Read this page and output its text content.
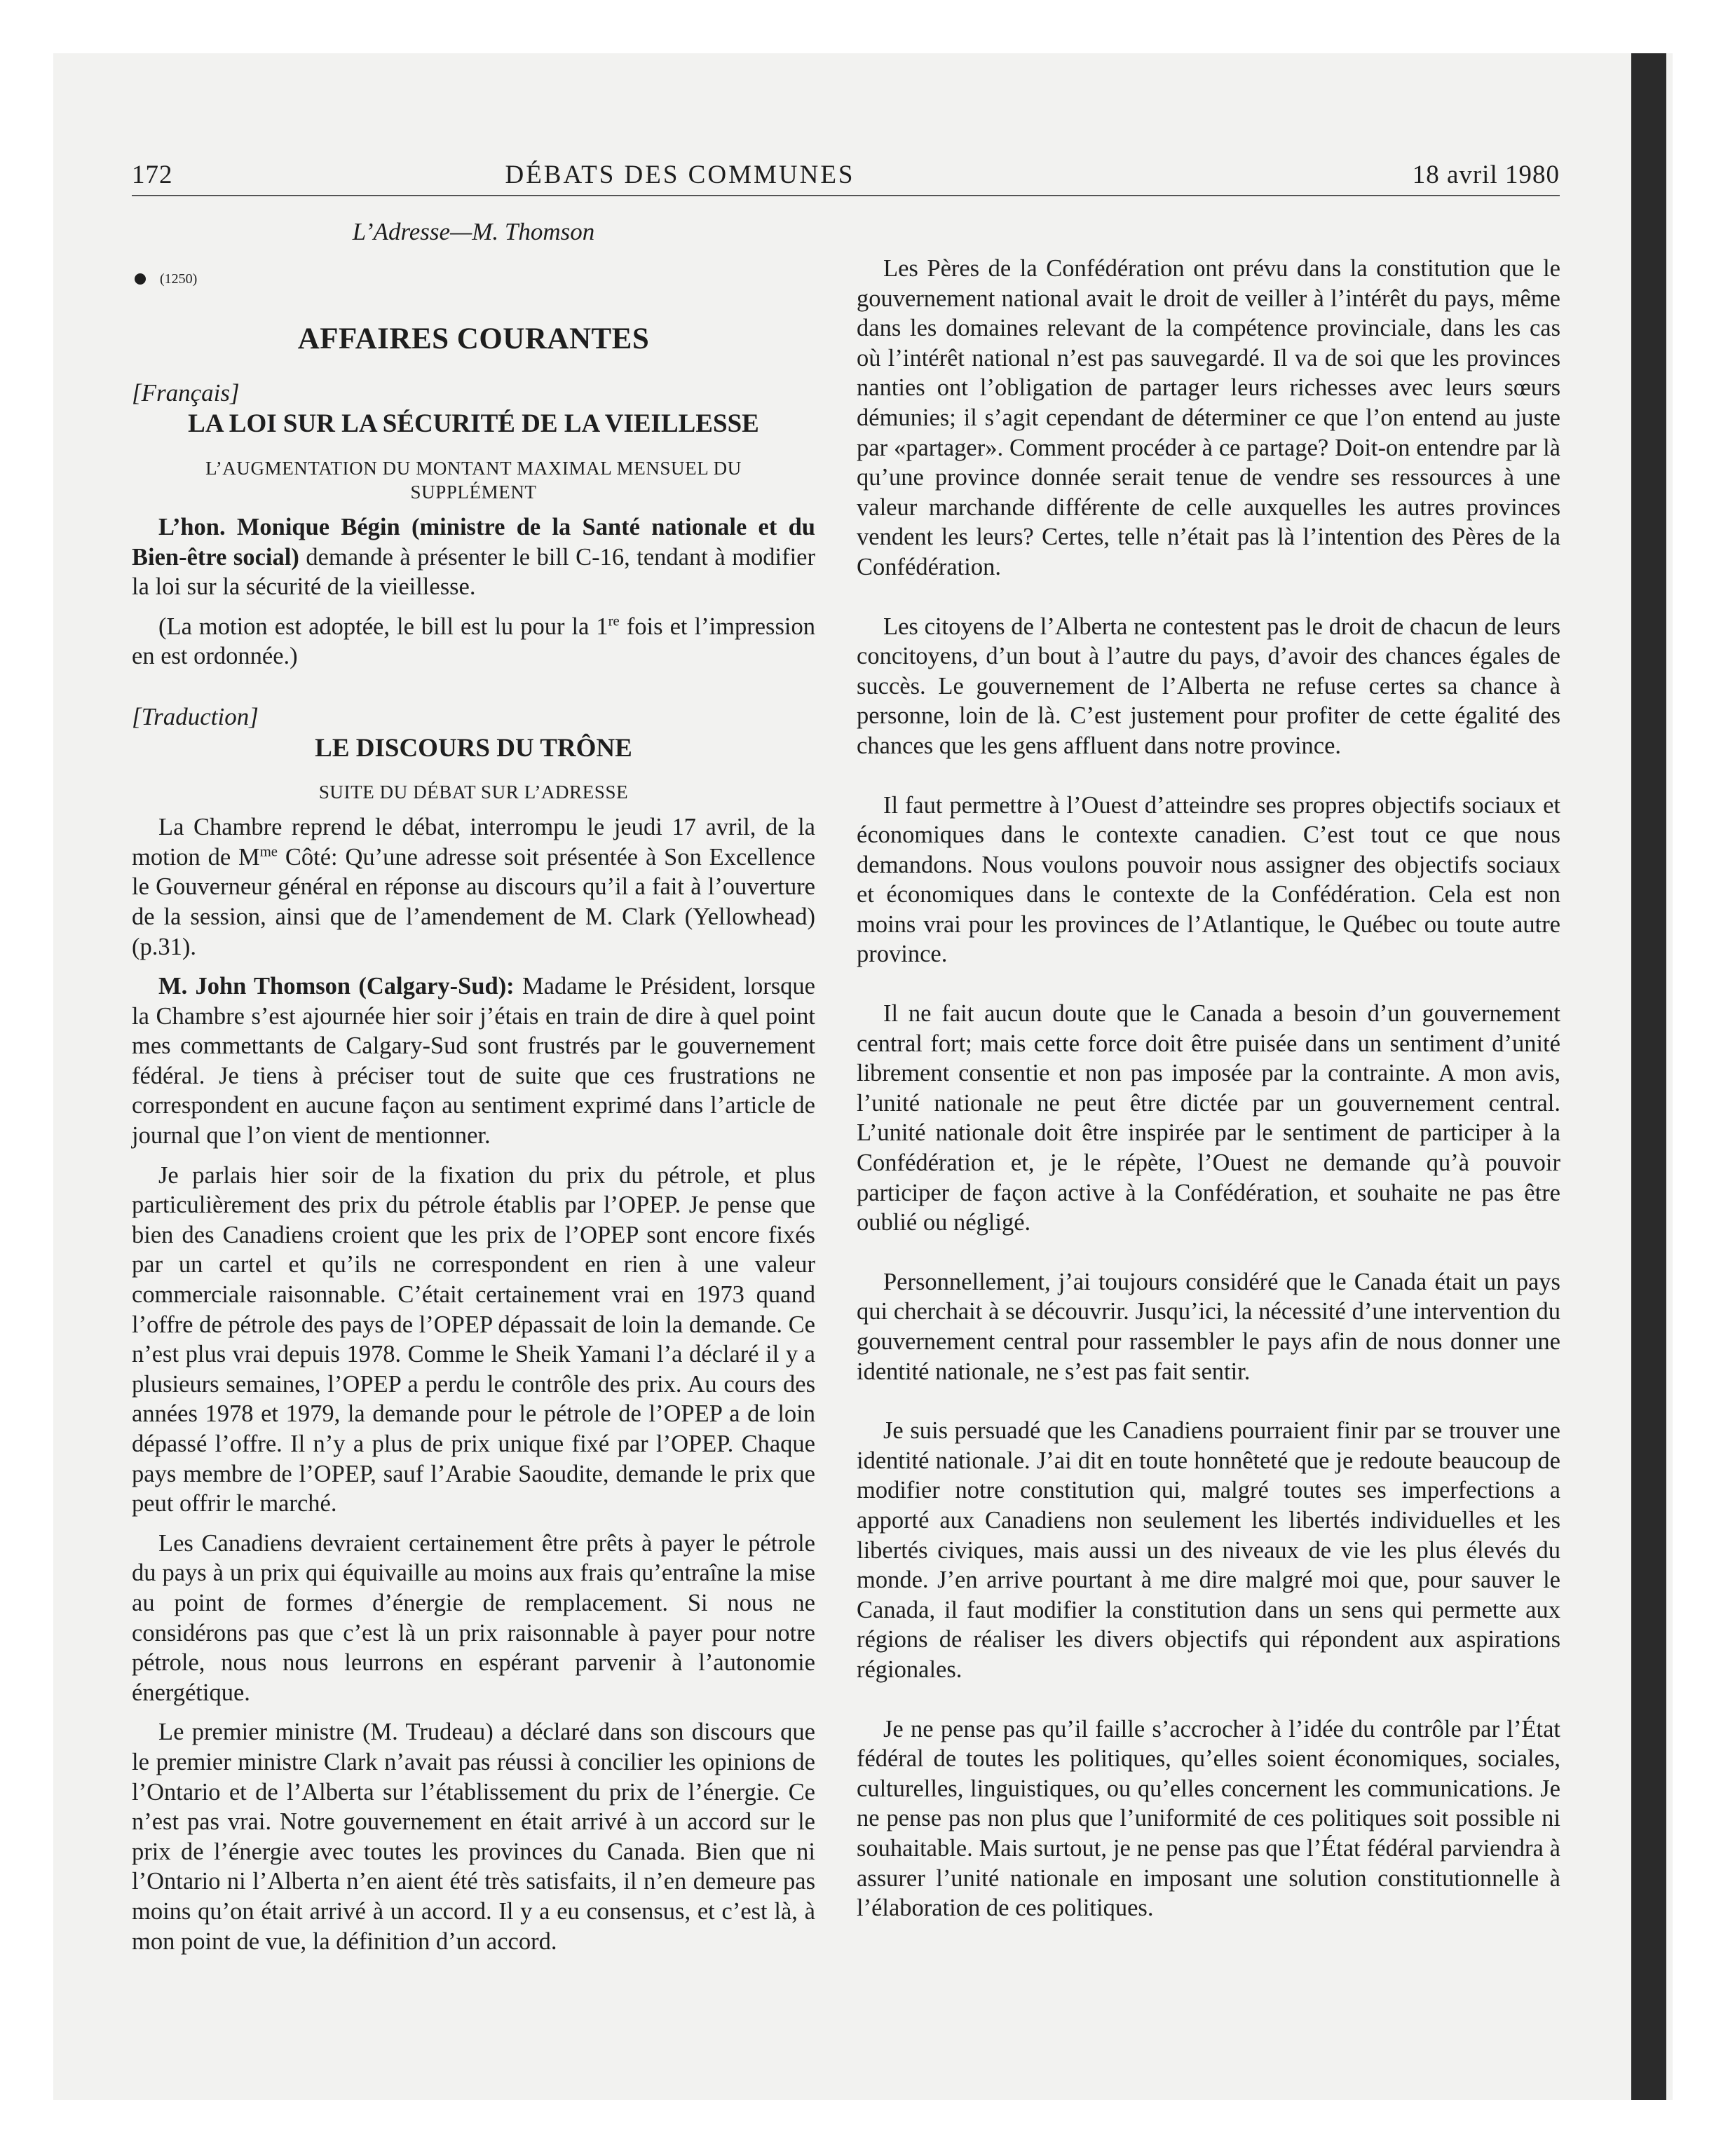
172	DÉBATS DES COMMUNES	18 avril 1980
L’Adresse—M. Thomson
(1250)
AFFAIRES COURANTES
[Français]
LA LOI SUR LA SÉCURITÉ DE LA VIEILLESSE
L’AUGMENTATION DU MONTANT MAXIMAL MENSUEL DU SUPPLÉMENT

L’hon. Monique Bégin (ministre de la Santé nationale et du Bien-être social) demande à présenter le bill C-16, tendant à modifier la loi sur la sécurité de la vieillesse.

(La motion est adoptée, le bill est lu pour la 1re fois et l’impression en est ordonnée.)

[Traduction]
LE DISCOURS DU TRÔNE
SUITE DU DÉBAT SUR L’ADRESSE

La Chambre reprend le débat, interrompu le jeudi 17 avril, de la motion de $M^{me}$ Côté: Qu’une adresse soit présentée à Son Excellence le Gouverneur général en réponse au discours qu’il a fait à l’ouverture de la session, ainsi que de l’amendement de M. Clark (Yellowhead) (p.31).

M. John Thomson (Calgary-Sud): Madame le Président, lorsque la Chambre s’est ajournée hier soir j’étais en train de dire à quel point mes commettants de Calgary-Sud sont frustrés par le gouvernement fédéral. Je tiens à préciser tout de suite que ces frustrations ne correspondent en aucune façon au sentiment exprimé dans l’article de journal que l’on vient de mentionner.

Je parlais hier soir de la fixation du prix du pétrole, et plus particulièrement des prix du pétrole établis par l’OPEP. Je pense que bien des Canadiens croient que les prix de l’OPEP sont encore fixés par un cartel et qu’ils ne correspondent en rien à une valeur commerciale raisonnable. C’était certainement vrai en 1973 quand l’offre de pétrole des pays de l’OPEP dépassait de loin la demande. Ce n’est plus vrai depuis 1978. Comme le Sheik Yamani l’a déclaré il y a plusieurs semaines, l’OPEP a perdu le contrôle des prix. Au cours des années 1978 et 1979, la demande pour le pétrole de l’OPEP a de loin dépassé l’offre. Il n’y a plus de prix unique fixé par l’OPEP. Chaque pays membre de l’OPEP, sauf l’Arabie Saoudite, demande le prix que peut offrir le marché.

Les Canadiens devraient certainement être prêts à payer le pétrole du pays à un prix qui équivaille au moins aux frais qu’entraîne la mise au point de formes d’énergie de remplacement. Si nous ne considérons pas que c’est là un prix raisonnable à payer pour notre pétrole, nous nous leurrons en espérant parvenir à l’autonomie énergétique.

Le premier ministre (M. Trudeau) a déclaré dans son discours que le premier ministre Clark n’avait pas réussi à concilier les opinions de l’Ontario et de l’Alberta sur l’établissement du prix de l’énergie. Ce n’est pas vrai. Notre gouvernement en était arrivé à un accord sur le prix de l’énergie avec toutes les provinces du Canada. Bien que ni l’Ontario ni l’Alberta n’en aient été très satisfaits, il n’en demeure pas moins qu’on était arrivé à un accord. Il y a eu consensus, et c’est là, à mon point de vue, la définition d’un accord.

Les Pères de la Confédération ont prévu dans la constitution que le gouvernement national avait le droit de veiller à l’intérêt du pays, même dans les domaines relevant de la compétence provinciale, dans les cas où l’intérêt national n’est pas sauvegardé. Il va de soi que les provinces nanties ont l’obligation de partager leurs richesses avec leurs sœurs démunies; il s’agit cependant de déterminer ce que l’on entend au juste par «partager». Comment procéder à ce partage? Doit-on entendre par là qu’une province donnée serait tenue de vendre ses ressources à une valeur marchande différente de celle auxquelles les autres provinces vendent les leurs? Certes, telle n’était pas là l’intention des Pères de la Confédération.

Les citoyens de l’Alberta ne contestent pas le droit de chacun de leurs concitoyens, d’un bout à l’autre du pays, d’avoir des chances égales de succès. Le gouvernement de l’Alberta ne refuse certes sa chance à personne, loin de là. C’est justement pour profiter de cette égalité des chances que les gens affluent dans notre province.

Il faut permettre à l’Ouest d’atteindre ses propres objectifs sociaux et économiques dans le contexte canadien. C’est tout ce que nous demandons. Nous voulons pouvoir nous assigner des objectifs sociaux et économiques dans le contexte de la Confédération. Cela est non moins vrai pour les provinces de l’Atlantique, le Québec ou toute autre province.

Il ne fait aucun doute que le Canada a besoin d’un gouvernement central fort; mais cette force doit être puisée dans un sentiment d’unité librement consentie et non pas imposée par la contrainte. A mon avis, l’unité nationale ne peut être dictée par un gouvernement central. L’unité nationale doit être inspirée par le sentiment de participer à la Confédération et, je le répète, l’Ouest ne demande qu’à pouvoir participer de façon active à la Confédération, et souhaite ne pas être oublié ou négligé.

Personnellement, j’ai toujours considéré que le Canada était un pays qui cherchait à se découvrir. Jusqu’ici, la nécessité d’une intervention du gouvernement central pour rassembler le pays afin de nous donner une identité nationale, ne s’est pas fait sentir.

Je suis persuadé que les Canadiens pourraient finir par se trouver une identité nationale. J’ai dit en toute honnêteté que je redoute beaucoup de modifier notre constitution qui, malgré toutes ses imperfections a apporté aux Canadiens non seulement les libertés individuelles et les libertés civiques, mais aussi un des niveaux de vie les plus élevés du monde. J’en arrive pourtant à me dire malgré moi que, pour sauver le Canada, il faut modifier la constitution dans un sens qui permette aux régions de réaliser les divers objectifs qui répondent aux aspirations régionales.

Je ne pense pas qu’il faille s’accrocher à l’idée du contrôle par l’État fédéral de toutes les politiques, qu’elles soient économiques, sociales, culturelles, linguistiques, ou qu’elles concernent les communications. Je ne pense pas non plus que l’uniformité de ces politiques soit possible ni souhaitable. Mais surtout, je ne pense pas que l’État fédéral parviendra à assurer l’unité nationale en imposant une solution constitutionnelle à l’élaboration de ces politiques.
